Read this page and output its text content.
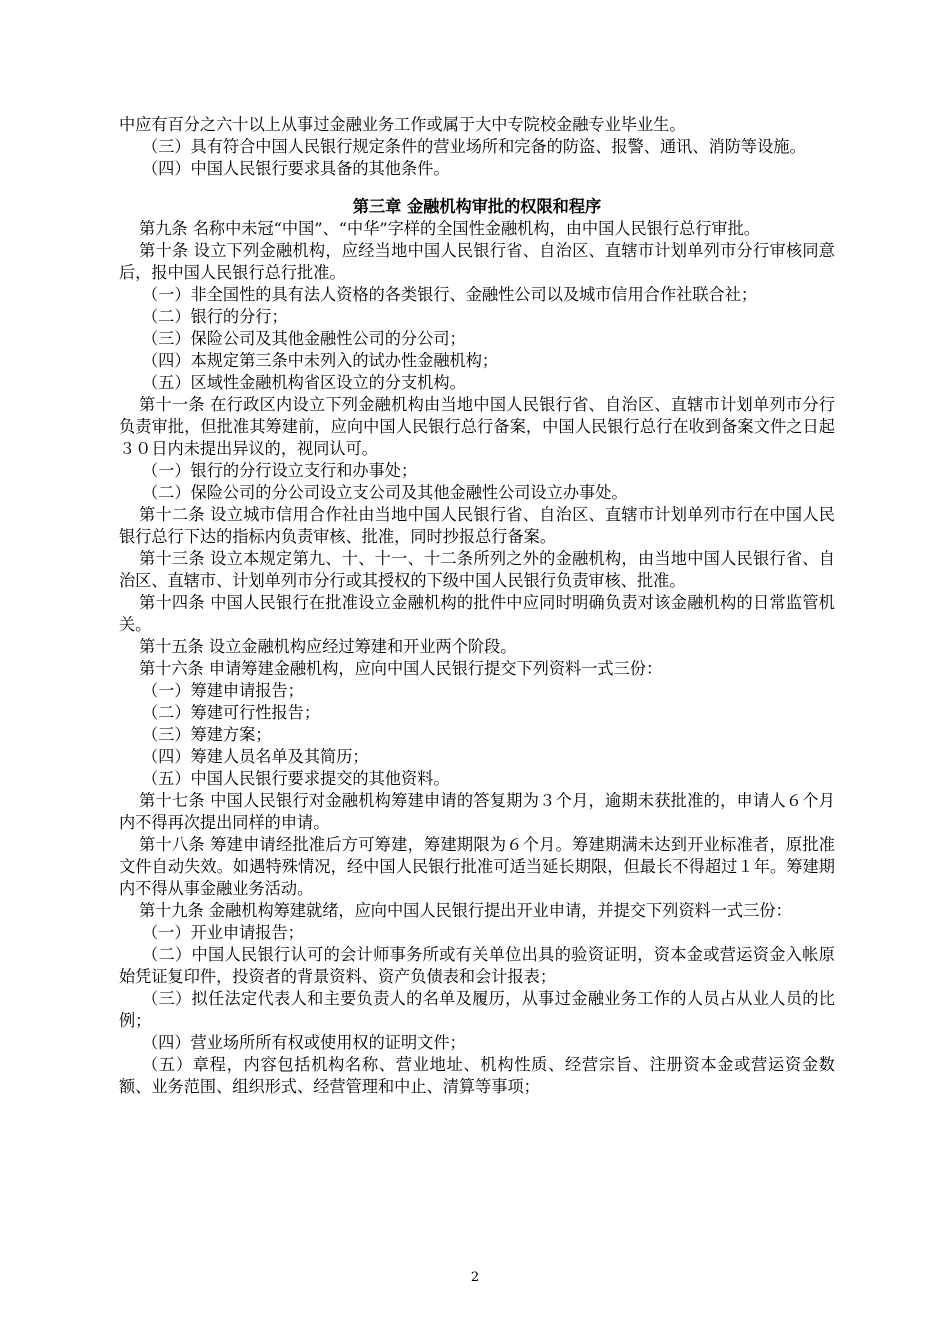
中应有百分之六十以上从事过金融业务工作或属于大中专院校金融专业毕业生。

（三）具有符合中国人民银行规定条件的营业场所和完备的防盗、报警、通讯、消防等设施。

（四）中国人民银行要求具备的其他条件。

第三章 金融机构审批的权限和程序

第九条 名称中未冠“中国”、“中华”字样的全国性金融机构，由中国人民银行总行审批。

第十条 设立下列金融机构，应经当地中国人民银行省、自治区、直辖市计划单列市分行审核同意后，报中国人民银行总行批准。

（一）非全国性的具有法人资格的各类银行、金融性公司以及城市信用合作社联合社；

（二）银行的分行；

（三）保险公司及其他金融性公司的分公司；

（四）本规定第三条中未列入的试办性金融机构；

（五）区域性金融机构省区设立的分支机构。

第十一条 在行政区内设立下列金融机构由当地中国人民银行省、自治区、直辖市计划单列市分行负责审批，但批准其筹建前，应向中国人民银行总行备案，中国人民银行总行在收到备案文件之日起３０日内未提出异议的，视同认可。

（一）银行的分行设立支行和办事处；

（二）保险公司的分公司设立支公司及其他金融性公司设立办事处。

第十二条 设立城市信用合作社由当地中国人民银行省、自治区、直辖市计划单列市行在中国人民银行总行下达的指标内负责审核、批准，同时抄报总行备案。

第十三条 设立本规定第九、十、十一、十二条所列之外的金融机构，由当地中国人民银行省、自治区、直辖市、计划单列市分行或其授权的下级中国人民银行负责审核、批准。

第十四条 中国人民银行在批准设立金融机构的批件中应同时明确负责对该金融机构的日常监管机关。

第十五条 设立金融机构应经过筹建和开业两个阶段。

第十六条 申请筹建金融机构，应向中国人民银行提交下列资料一式三份：

（一）筹建申请报告；

（二）筹建可行性报告；

（三）筹建方案；

（四）筹建人员名单及其简历；

（五）中国人民银行要求提交的其他资料。

第十七条 中国人民银行对金融机构筹建申请的答复期为３个月，逾期未获批准的，申请人６个月内不得再次提出同样的申请。

第十八条 筹建申请经批准后方可筹建，筹建期限为６个月。筹建期满未达到开业标准者，原批准文件自动失效。如遇特殊情况，经中国人民银行批准可适当延长期限，但最长不得超过１年。筹建期内不得从事金融业务活动。

第十九条 金融机构筹建就绪，应向中国人民银行提出开业申请，并提交下列资料一式三份：

（一）开业申请报告；

（二）中国人民银行认可的会计师事务所或有关单位出具的验资证明，资本金或营运资金入帐原始凭证复印件，投资者的背景资料、资产负债表和会计报表；

（三）拟任法定代表人和主要负责人的名单及履历，从事过金融业务工作的人员占从业人员的比例；

（四）营业场所所有权或使用权的证明文件；

（五）章程，内容包括机构名称、营业地址、机构性质、经营宗旨、注册资本金或营运资金数额、业务范围、组织形式、经营管理和中止、清算等事项；

2
